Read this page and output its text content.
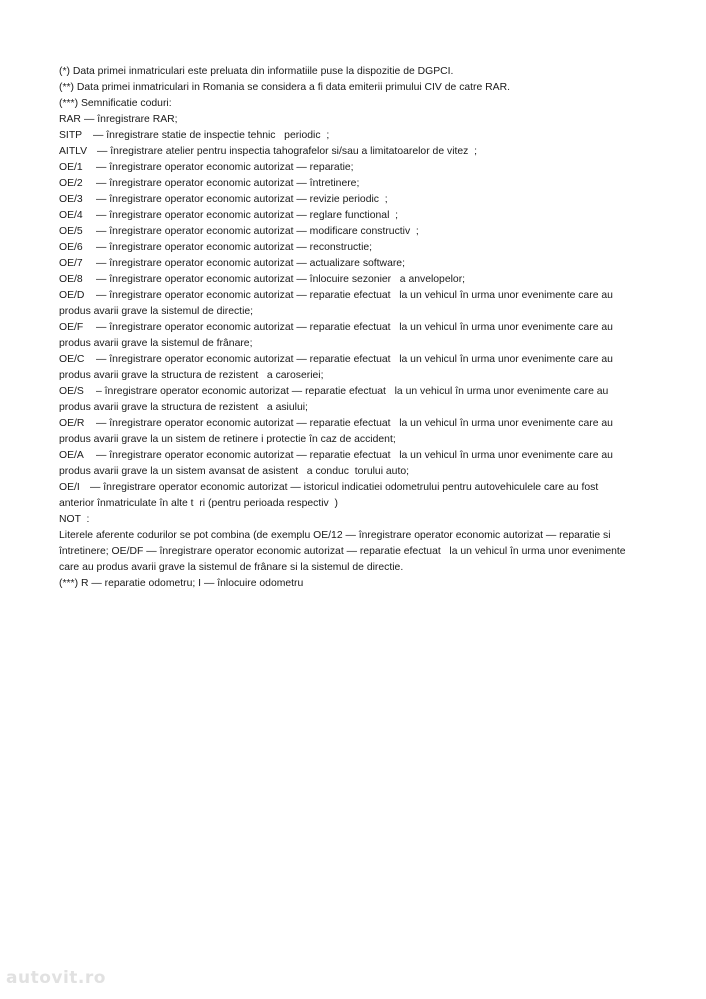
(*) Data primei inmatriculari este preluata din informatiile puse la dispozitie de DGPCI.
(**) Data primei inmatriculari in Romania se considera a fi data emiterii primului CIV de catre RAR.
(***) Semnificatie coduri:
RAR — înregistrare RAR;
SITP — înregistrare statie de inspectie tehnic   periodic  ;
AITLV — înregistrare atelier pentru inspectia tahografelor si/sau a limitatoarelor de vitez  ;
OE/1 — înregistrare operator economic autorizat — reparatie;
OE/2 — înregistrare operator economic autorizat — întretinere;
OE/3 — înregistrare operator economic autorizat — revizie periodic  ;
OE/4 — înregistrare operator economic autorizat — reglare functional  ;
OE/5 — înregistrare operator economic autorizat — modificare constructiv  ;
OE/6 — înregistrare operator economic autorizat — reconstructie;
OE/7 — înregistrare operator economic autorizat — actualizare software;
OE/8 — înregistrare operator economic autorizat — înlocuire sezonier   a anvelopelor;
OE/D — înregistrare operator economic autorizat — reparatie efectuat   la un vehicul în urma unor evenimente care au
produs avarii grave la sistemul de directie;
OE/F — înregistrare operator economic autorizat — reparatie efectuat   la un vehicul în urma unor evenimente care au
produs avarii grave la sistemul de frânare;
OE/C — înregistrare operator economic autorizat — reparatie efectuat   la un vehicul în urma unor evenimente care au
produs avarii grave la structura de rezistent   a caroseriei;
OE/S – înregistrare operator economic autorizat — reparatie efectuat   la un vehicul în urma unor evenimente care au
produs avarii grave la structura de rezistent   a asiului;
OE/R — înregistrare operator economic autorizat — reparatie efectuat   la un vehicul în urma unor evenimente care au
produs avarii grave la un sistem de retinere i protectie în caz de accident;
OE/A — înregistrare operator economic autorizat — reparatie efectuat   la un vehicul în urma unor evenimente care au
produs avarii grave la un sistem avansat de asistent   a conduc  torului auto;
OE/I — înregistrare operator economic autorizat — istoricul indicatiei odometrului pentru autovehiculele care au fost
anterior înmatriculate în alte t  ri (pentru perioada respectiv  )
NOT  :
Literele aferente codurilor se pot combina (de exemplu OE/12 — înregistrare operator economic autorizat — reparatie si
întretinere; OE/DF — înregistrare operator economic autorizat — reparatie efectuat   la un vehicul în urma unor evenimente
care au produs avarii grave la sistemul de frânare si la sistemul de directie.
(***) R — reparatie odometru; I — înlocuire odometru
autovit.ro
